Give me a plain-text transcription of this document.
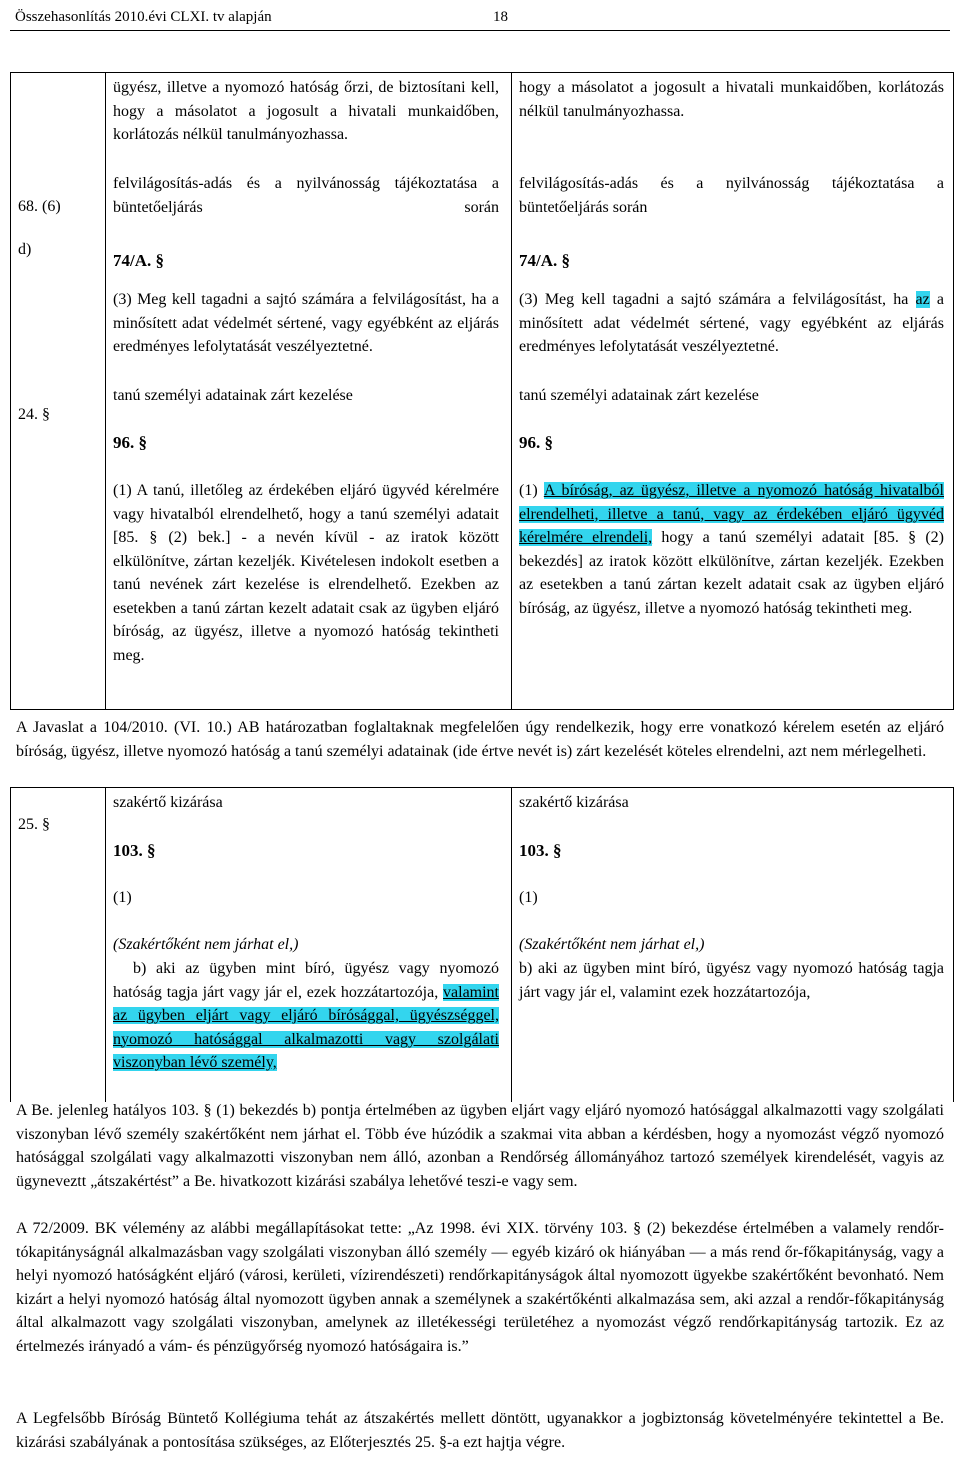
Összehasonlítás 2010.évi CLXI. tv alapján	18
68. (6)
d)
24. §

ügyész, illetve a nyomozó hatóság őrzi, de biztosítani kell, hogy a másolatot a jogosult a hivatali munkaidőben, korlátozás nélkül tanulmányozhassa.

felvilágosítás-adás és a nyilvánosság tájékoztatása a büntetőeljárás során

74/A. §

(3) Meg kell tagadni a sajtó számára a felvilágosítást, ha a minősített adat védelmét sértené, vagy egyébként az eljárás eredményes lefolytatását veszélyeztetné.

tanú személyi adatainak zárt kezelése
96. §

(1) A tanú, illetőleg az érdekében eljáró ügyvéd kérelmére vagy hivatalból elrendelhető, hogy a tanú személyi adatait [85. § (2) bek.] - a nevén kívül - az iratok között elkülönítve, zártan kezeljék. Kivételesen indokolt esetben a tanú nevének zárt kezelése is elrendelhető. Ezekben az esetekben a tanú zártan kezelt adatait csak az ügyben eljáró bíróság, az ügyész, illetve a nyomozó hatóság tekintheti meg.

hogy a másolatot a jogosult a hivatali munkaidőben, korlátozás nélkül tanulmányozhassa.

felvilágosítás-adás és a nyilvánosság tájékoztatása a büntetőeljárás során

74/A. §

(3) Meg kell tagadni a sajtó számára a felvilágosítást, ha az a minősített adat védelmét sértené, vagy egyébként az eljárás eredményes lefolytatását veszélyeztetné.

tanú személyi adatainak zárt kezelése
96. §

(1) A bíróság, az ügyész, illetve a nyomozó hatóság hivatalból elrendelheti, illetve a tanú, vagy az érdekében eljáró ügyvéd kérelmére elrendeli, hogy a tanú személyi adatait [85. § (2) bekezdés] az iratok között elkülönítve, zártan kezeljék. Ezekben az esetekben a tanú zártan kezelt adatait csak az ügyben eljáró bíróság, az ügyész, illetve a nyomozó hatóság tekintheti meg.

A Javaslat a 104/2010. (VI. 10.) AB határozatban foglaltaknak megfelelően úgy rendelkezik, hogy erre vonatkozó kérelem esetén az eljáró bíróság, ügyész, illetve nyomozó hatóság a tanú személyi adatainak (ide értve nevét is) zárt kezelését köteles elrendelni, azt nem mérlegelheti.

25. §
szakértő kizárása
103. §
(1)
(Szakértőként nem járhat el,)

b) aki az ügyben mint bíró, ügyész vagy nyomozó hatóság tagja járt vagy jár el, ezek hozzátartozója, valamint az ügyben eljárt vagy eljáró bírósággal, ügyészséggel, nyomozó hatósággal alkalmazotti vagy szolgálati viszonyban lévő személy,

szakértő kizárása
103. §
(1)
(Szakértőként nem járhat el,)

b) aki az ügyben mint bíró, ügyész vagy nyomozó hatóság tagja járt vagy jár el, valamint ezek hozzátartozója,

A Be. jelenleg hatályos 103. § (1) bekezdés b) pontja értelmében az ügyben eljárt vagy eljáró nyomozó hatósággal alkalmazotti vagy szolgálati viszonyban lévő személy szakértőként nem járhat el. Több éve húzódik a szakmai vita abban a kérdésben, hogy a nyomozást végző nyomozó hatósággal szolgálati vagy alkalmazotti viszonyban nem álló, azonban a Rendőrség állományához tartozó személyek kirendelését, vagyis az ügyneveztt „átszakértést” a Be. hivatkozott kizárási szabálya lehetővé teszi-e vagy sem.

A 72/2009. BK vélemény az alábbi megállapításokat tette: „Az 1998. évi XIX. törvény 103. § (2) bekezdése értelmében a valamely rendőr-tókapitányságnál alkalmazásban vagy szolgálati viszonyban álló személy — egyéb kizáró ok hiányában — a más rend őr-főkapitányság, vagy a helyi nyomozó hatóságként eljáró (városi, kerületi, vízirendészeti) rendőrkapitányságok által nyomozott ügyekbe szakértőként bevonható. Nem kizárt a helyi nyomozó hatóság által nyomozott ügyben annak a személynek a szakértőkénti alkalmazása sem, aki azzal a rendőr-főkapitányság által alkalmazott vagy szolgálati viszonyban, amelynek az illetékességi területéhez a nyomozást végző rendőrkapitányság tartozik. Ez az értelmezés irányadó a vám- és pénzügyőrség nyomozó hatóságaira is.”

A Legfelsőbb Bíróság Büntető Kollégiuma tehát az átszakértés mellett döntött, ugyanakkor a jogbiztonság követelményére tekintettel a Be. kizárási szabályának a pontosítása szükséges, az Előterjesztés 25. §-a ezt hajtja végre.
